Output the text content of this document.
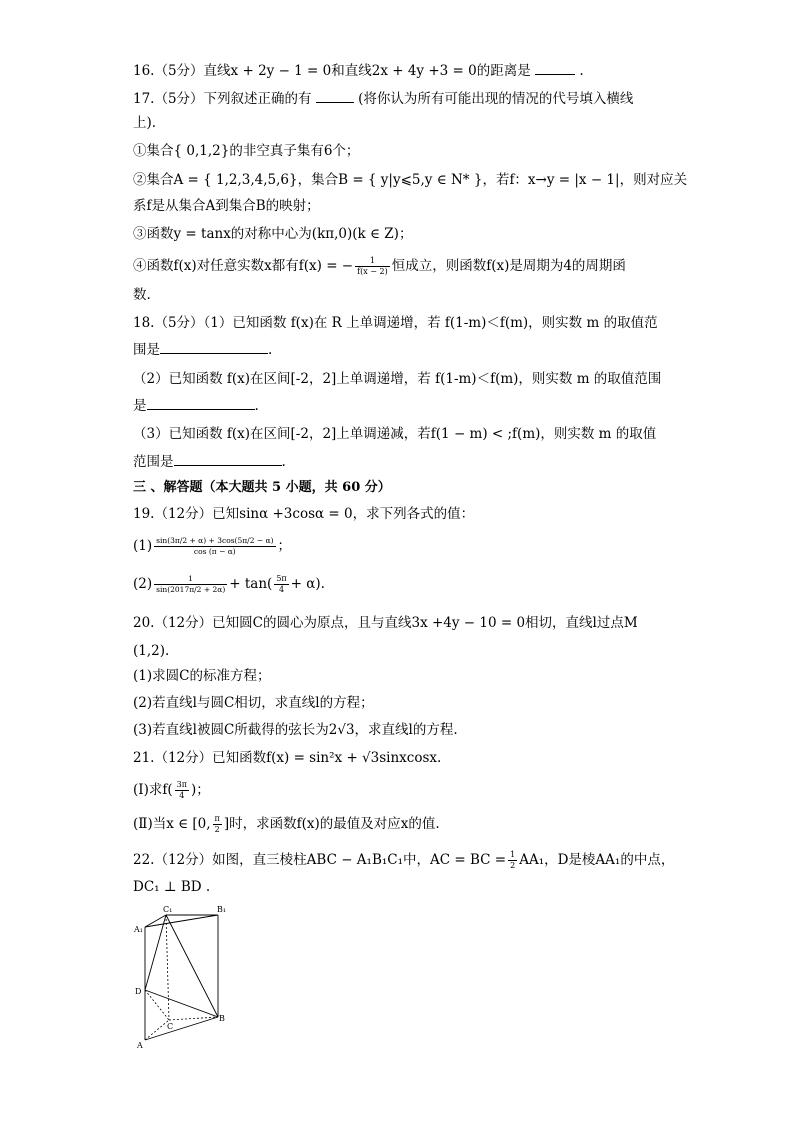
16.（5分）直线x + 2y − 1 = 0和直线2x + 4y +3 = 0的距离是	.
17.（5分）下列叙述正确的有	(将你认为所有可能出现的情况的代号填入横线
上).
①集合{ 0,1,2}的非空真子集有6个；
②集合A = { 1,2,3,4,5,6}，集合B = { y|y⩽5,y ∈ N* }，若f：x→y = |x − 1|，则对应关
系f是从集合A到集合B的映射；
③函数y = tanx的对称中心为(kπ,0)(k ∈ Z)；
④函数f(x)对任意实数x都有f(x) = − $\frac{1}{f(x - 2)}$ 恒成立，则函数f(x)是周期为4的周期函
数.
18.（5分）（1）已知函数 f(x)在 R 上单调递增，若 f(1-m)＜f(m)，则实数 m 的取值范
围是	.
（2）已知函数 f(x)在区间[-2，2]上单调递增，若 f(1-m)＜f(m)，则实数 m 的取值范围
是	.
（3）已知函数 f(x)在区间[-2，2]上单调递减，若f(1 − m) < ;f(m)，则实数 m 的取值
范围是	.
三 、解答题（本大题共 5 小题，共 60 分）
19.（12分）已知sinα +3cosα = 0，求下列各式的值：
$(1) \frac{\sin(3\pi/2 + \alpha) + 3\cos(5\pi/2 - \alpha)}{\cos (\pi - \alpha)}$ ；
$(2) \frac{1}{\sin(2017\pi/2 + 2\alpha)} + \tan( \frac{5\pi}{4} + \alpha)$.
20.（12分）已知圆C的圆心为原点，且与直线3x +4y − 10 = 0相切，直线l过点M
(1,2).
(1)求圆C的标准方程；
(2)若直线l与圆C相切，求直线l的方程；
(3)若直线l被圆C所截得的弦长为2√3，求直线l的方程.
21.（12分）已知函数f(x) = sin²x + √3sinxcosx.
(Ⅰ)求$f( \frac{3\pi}{4}$ )；
(Ⅱ)当x ∈ [0, $\frac{\pi}{2}$ ]时，求函数f(x)的最值及对应x的值.
22.（12分）如图，直三棱柱ABC − A₁B₁C₁中，AC = BC = $\frac{1}{2} AA_1$，D是棱AA₁的中点，
DC₁ ⊥ BD .
C₁	B₁
A₁
D
C
B
A
